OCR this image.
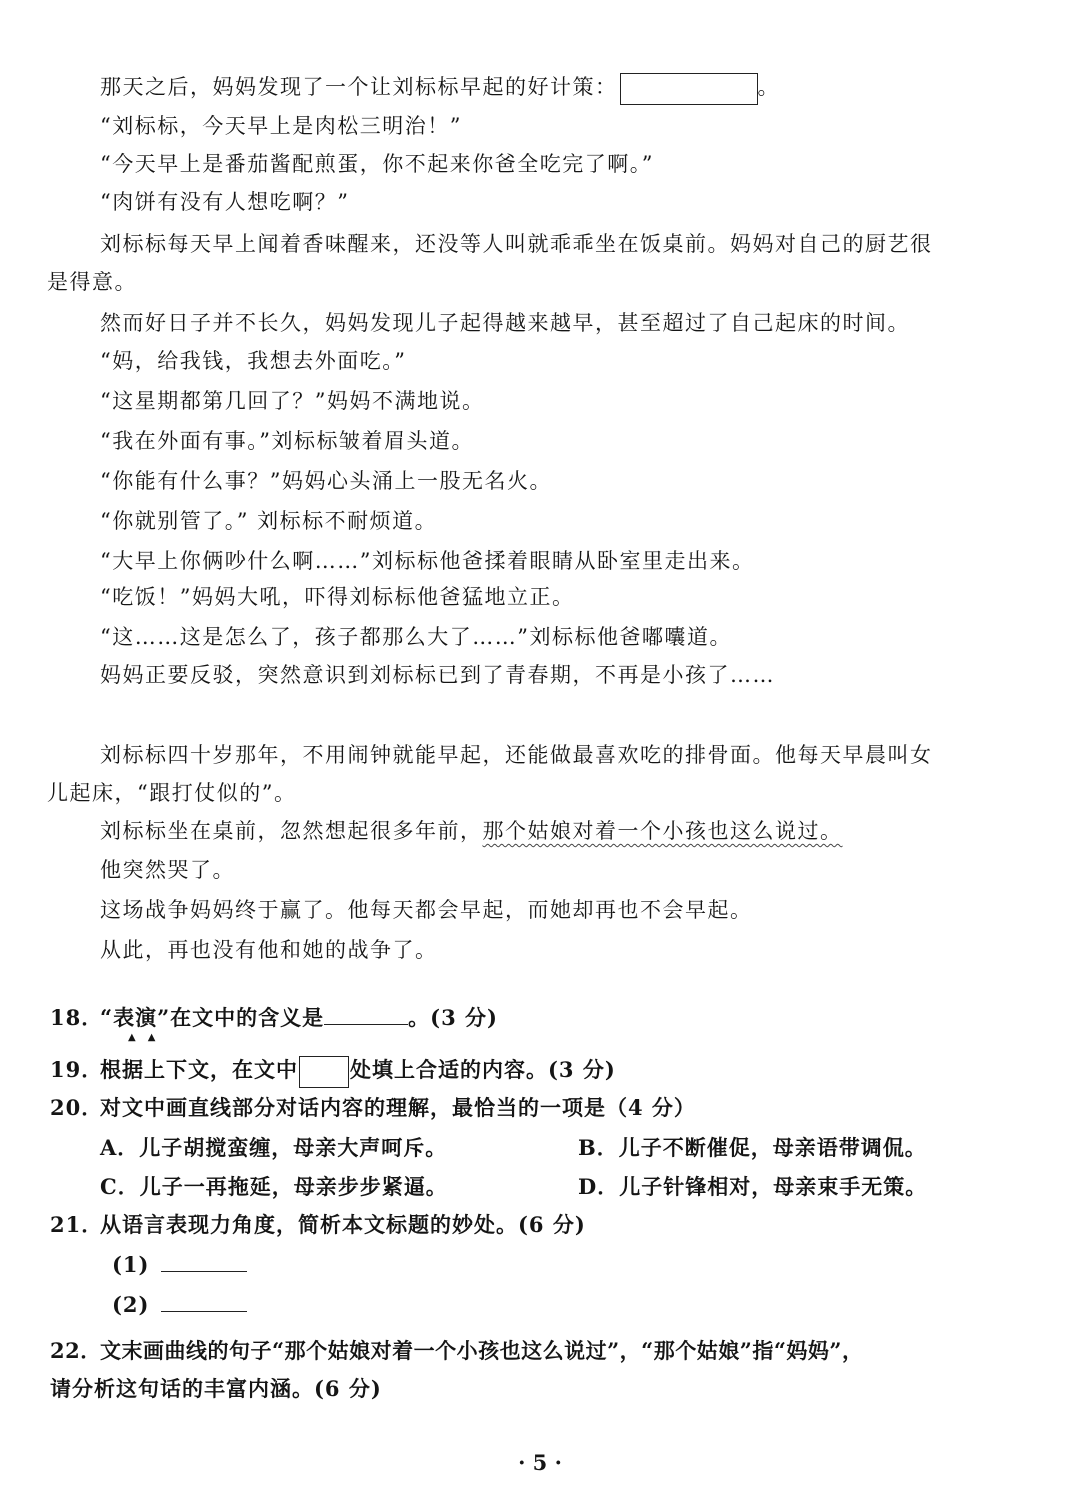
那天之后，妈妈发现了一个让刘标标早起的好计策：	。
“刘标标，今天早上是肉松三明治！”
“今天早上是番茄酱配煎蛋，你不起来你爸全吃完了啊。”
“肉饼有没有人想吃啊？”
刘标标每天早上闻着香味醒来，还没等人叫就乖乖坐在饭桌前。妈妈对自己的厨艺很
是得意。
然而好日子并不长久，妈妈发现儿子起得越来越早，甚至超过了自己起床的时间。
“妈，给我钱，我想去外面吃。”
“这星期都第几回了？”妈妈不满地说。
“我在外面有事。”刘标标皱着眉头道。
“你能有什么事？”妈妈心头涌上一股无名火。
“你就别管了。” 刘标标不耐烦道。
“大早上你俩吵什么啊……”刘标标他爸揉着眼睛从卧室里走出来。
“吃饭！”妈妈大吼，吓得刘标标他爸猛地立正。
“这……这是怎么了，孩子都那么大了……”刘标标他爸嘟囔道。
妈妈正要反驳，突然意识到刘标标已到了青春期，不再是小孩了……
刘标标四十岁那年，不用闹钟就能早起，还能做最喜欢吃的排骨面。他每天早晨叫女
儿起床，“跟打仗似的”。
刘标标坐在桌前，忽然想起很多年前，那个姑娘对着一个小孩也这么说过。
他突然哭了。
这场战争妈妈终于赢了。他每天都会早起，而她却再也不会早起。
从此，再也没有他和她的战争了。
18．“表演”在文中的含义是	。(3 分)
▲▲
19．根据上下文，在文中 处填上合适的内容。(3 分)
20．对文中画直线部分对话内容的理解，最恰当的一项是（4 分）
A．儿子胡搅蛮缠，母亲大声呵斥。	B．儿子不断催促，母亲语带调侃。
C．儿子一再拖延，母亲步步紧逼。	D．儿子针锋相对，母亲束手无策。
21．从语言表现力角度，简析本文标题的妙处。(6 分)
(1)
(2)
22．文末画曲线的句子“那个姑娘对着一个小孩也这么说过”，“那个姑娘”指“妈妈”，
请分析这句话的丰富内涵。(6 分)
· 5 ·
